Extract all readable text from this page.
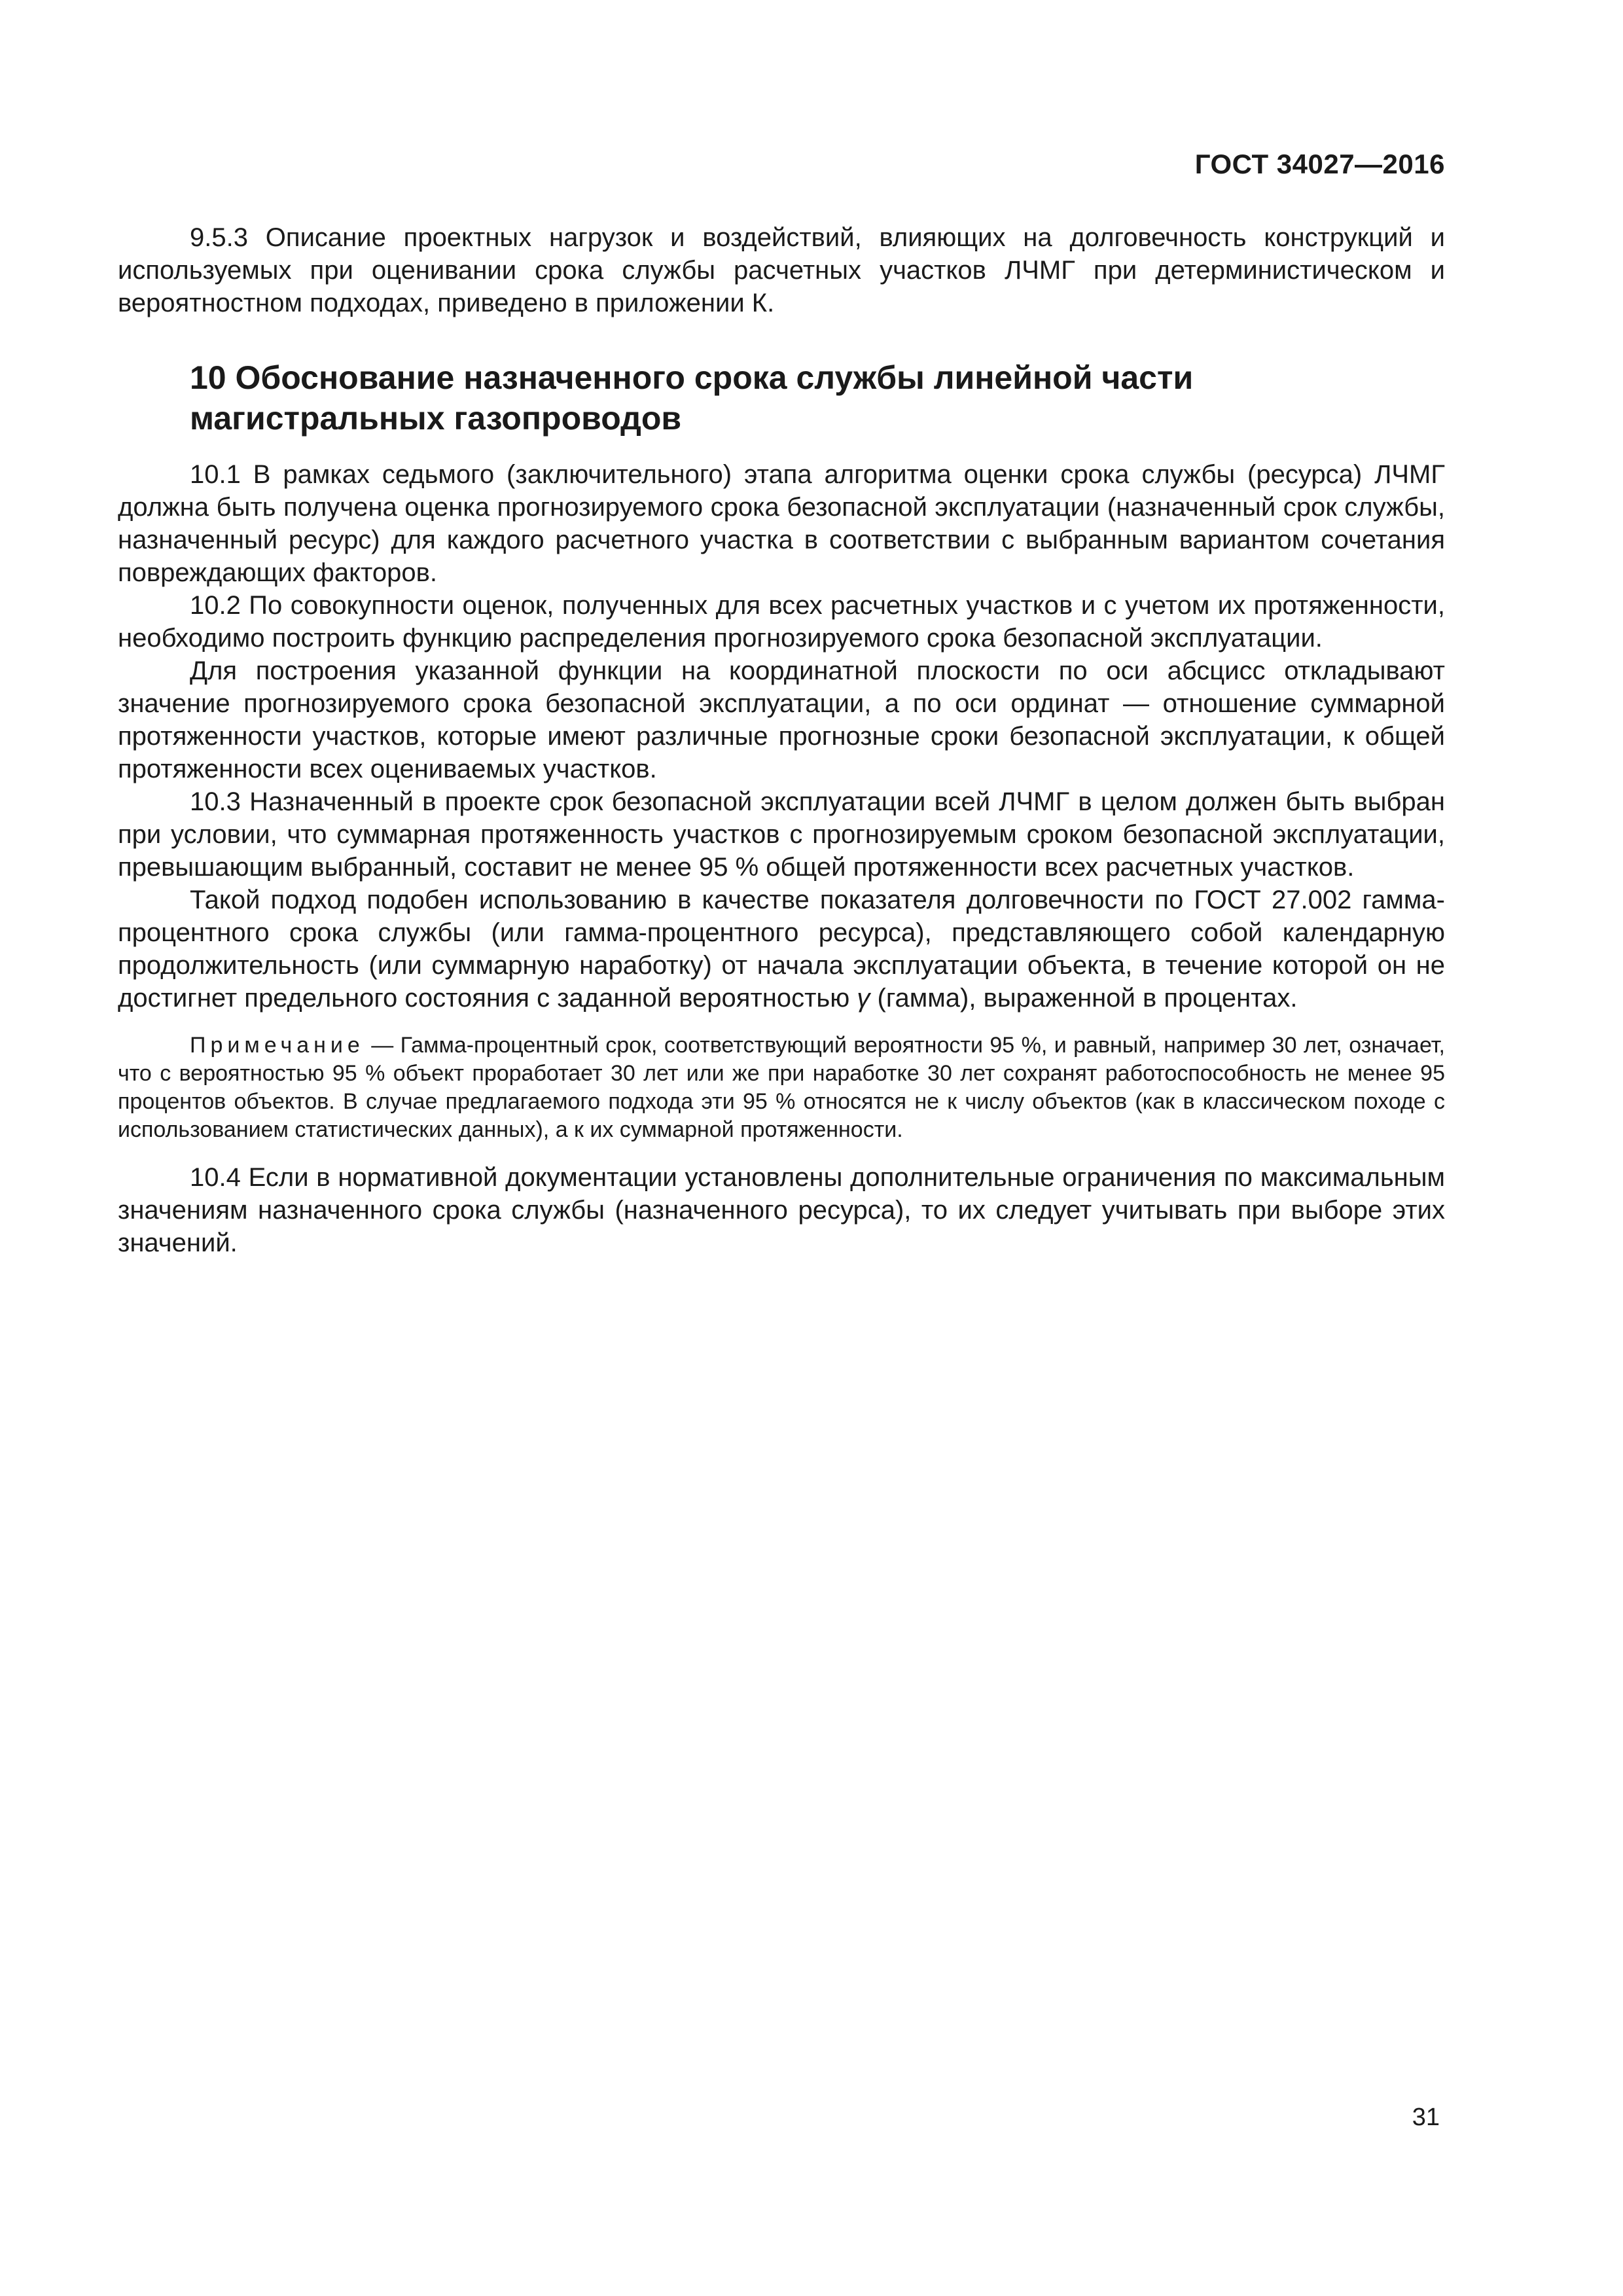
ГОСТ 34027—2016

9.5.3 Описание проектных нагрузок и воздействий, влияющих на долговечность конструкций и используемых при оценивании срока службы расчетных участков ЛЧМГ при детерминистическом и вероятностном подходах, приведено в приложении К.

10 Обоснование назначенного срока службы линейной части магистральных газопроводов

10.1 В рамках седьмого (заключительного) этапа алгоритма оценки срока службы (ресурса) ЛЧМГ должна быть получена оценка прогнозируемого срока безопасной эксплуатации (назначенный срок службы, назначенный ресурс) для каждого расчетного участка в соответствии с выбранным вариантом сочетания повреждающих факторов.

10.2 По совокупности оценок, полученных для всех расчетных участков и с учетом их протяженности, необходимо построить функцию распределения прогнозируемого срока безопасной эксплуатации.

Для построения указанной функции на координатной плоскости по оси абсцисс откладывают значение прогнозируемого срока безопасной эксплуатации, а по оси ординат — отношение суммарной протяженности участков, которые имеют различные прогнозные сроки безопасной эксплуатации, к общей протяженности всех оцениваемых участков.

10.3 Назначенный в проекте срок безопасной эксплуатации всей ЛЧМГ в целом должен быть выбран при условии, что суммарная протяженность участков с прогнозируемым сроком безопасной эксплуатации, превышающим выбранный, составит не менее 95 % общей протяженности всех расчетных участков.

Такой подход подобен использованию в качестве показателя долговечности по ГОСТ 27.002 гамма-процентного срока службы (или гамма-процентного ресурса), представляющего собой календарную продолжительность (или суммарную наработку) от начала эксплуатации объекта, в течение которой он не достигнет предельного состояния с заданной вероятностью γ (гамма), выраженной в процентах.

Примечание — Гамма-процентный срок, соответствующий вероятности 95 %, и равный, например 30 лет, означает, что с вероятностью 95 % объект проработает 30 лет или же при наработке 30 лет сохранят работоспособность не менее 95 процентов объектов. В случае предлагаемого подхода эти 95 % относятся не к числу объектов (как в классическом походе с использованием статистических данных), а к их суммарной протяженности.

10.4 Если в нормативной документации установлены дополнительные ограничения по максимальным значениям назначенного срока службы (назначенного ресурса), то их следует учитывать при выборе этих значений.

31
